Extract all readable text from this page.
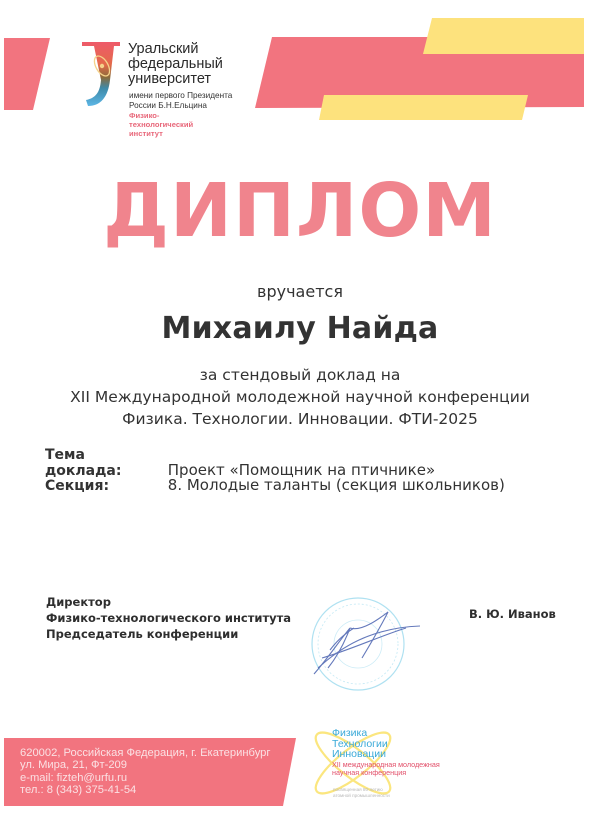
Уральский
федеральный
университет
имени первого Президента
России Б.Н.Ельцина
Физико-
технологический
институт
ДИПЛОМ
вручается
Михаилу Найда
за стендовый доклад на
XII Международной молодежной научной конференции
Физика. Технологии. Инновации. ФТИ-2025
Тема доклада:	Проект «Помощник на птичнике»
Секция:	8. Молодые таланты (секция школьников)
Директор
Физико-технологического института
Председатель конференции
В. Ю. Иванов
620002, Российская Федерация, г. Екатеринбург
ул. Мира, 21, Фт-209
e-mail: fizteh@urfu.ru
тел.: 8 (343) 375-41-54
Физика
Технологии
Инновации
XII международная молодежная
научная конференция
посвященная 80-летию
атомной промышленности
